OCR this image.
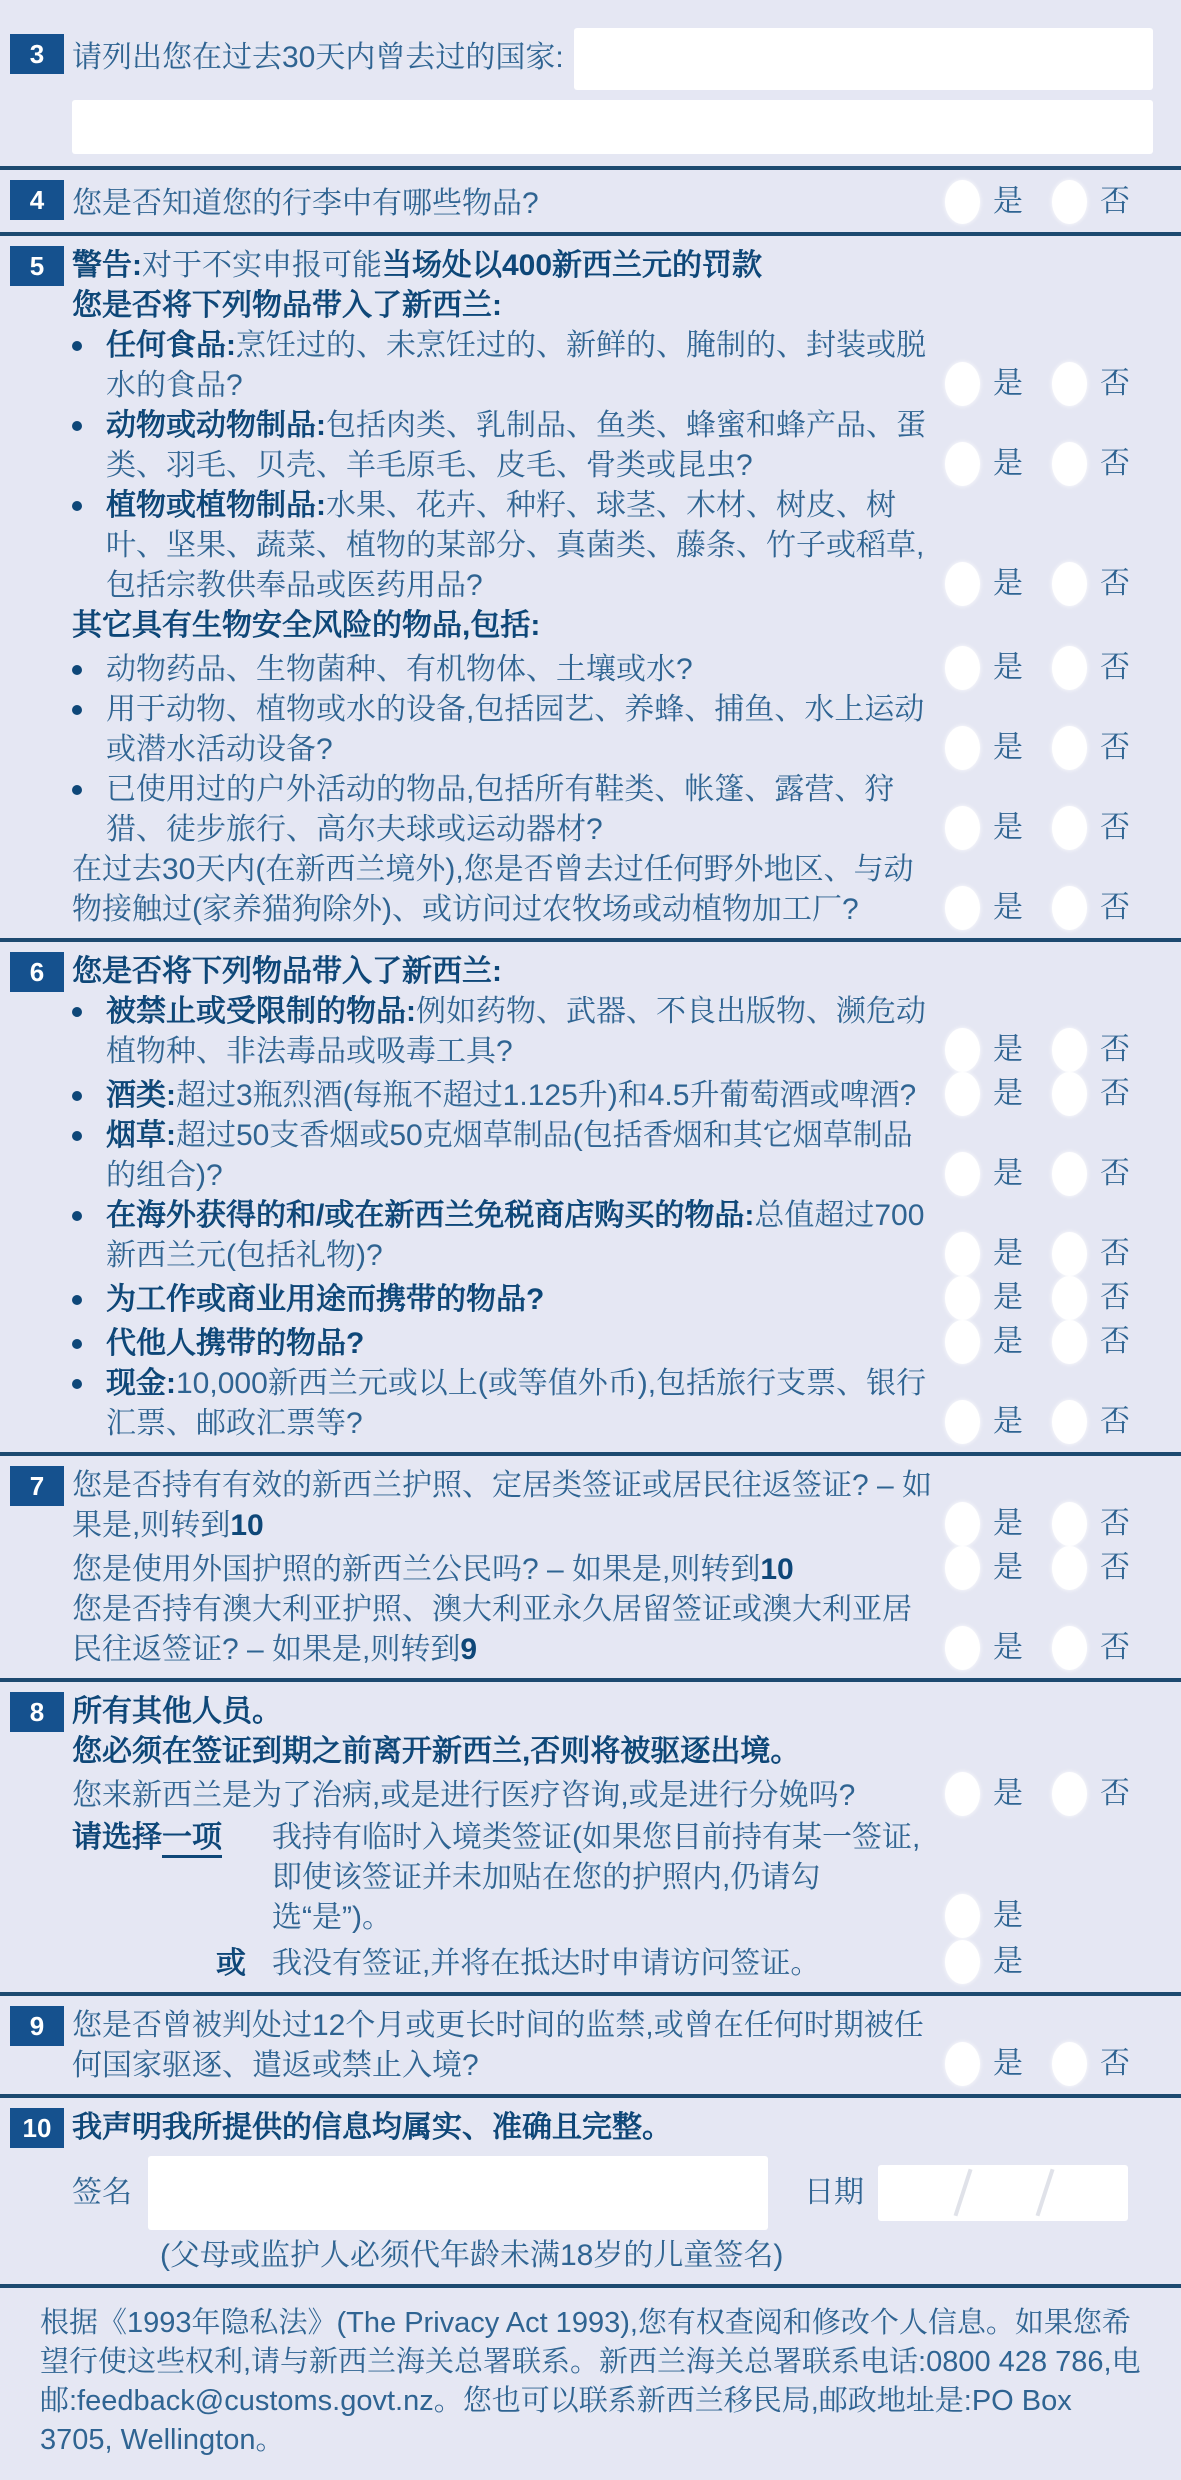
3 请列出您在过去30天内曾去过的国家:
4 您是否知道您的行李中有哪些物品?	是	否
5 警告:对于不实申报可能当场处以400新西兰元的罚款
您是否将下列物品带入了新西兰:
任何食品:烹饪过的、未烹饪过的、新鲜的、腌制的、封装或脱水的食品?	是	否
动物或动物制品:包括肉类、乳制品、鱼类、蜂蜜和蜂产品、蛋类、羽毛、贝壳、羊毛原毛、皮毛、骨类或昆虫?	是	否
植物或植物制品:水果、花卉、种籽、球茎、木材、树皮、树叶、坚果、蔬菜、植物的某部分、真菌类、藤条、竹子或稻草,包括宗教供奉品或医药用品?	是	否
其它具有生物安全风险的物品,包括:
动物药品、生物菌种、有机物体、土壤或水?	是	否
用于动物、植物或水的设备,包括园艺、养蜂、捕鱼、水上运动或潜水活动设备?	是	否
已使用过的户外活动的物品,包括所有鞋类、帐篷、露营、狩猎、徒步旅行、高尔夫球或运动器材?	是	否
在过去30天内(在新西兰境外),您是否曾去过任何野外地区、与动物接触过(家养猫狗除外)、或访问过农牧场或动植物加工厂?	是	否
6 您是否将下列物品带入了新西兰:
被禁止或受限制的物品:例如药物、武器、不良出版物、濒危动植物种、非法毒品或吸毒工具?	是	否
酒类:超过3瓶烈酒(每瓶不超过1.125升)和4.5升葡萄酒或啤酒?	是	否
烟草:超过50支香烟或50克烟草制品(包括香烟和其它烟草制品的组合)?	是	否
在海外获得的和/或在新西兰免税商店购买的物品:总值超过700新西兰元(包括礼物)?	是	否
为工作或商业用途而携带的物品?	是	否
代他人携带的物品?	是	否
现金:10,000新西兰元或以上(或等值外币),包括旅行支票、银行汇票、邮政汇票等?	是	否
7 您是否持有有效的新西兰护照、定居类签证或居民往返签证? – 如果是,则转到10	是	否
您是使用外国护照的新西兰公民吗? – 如果是,则转到10	是	否
您是否持有澳大利亚护照、澳大利亚永久居留签证或澳大利亚居民往返签证? – 如果是,则转到9	是	否
8 所有其他人员。
您必须在签证到期之前离开新西兰,否则将被驱逐出境。
您来新西兰是为了治病,或是进行医疗咨询,或是进行分娩吗?	是	否
请选择一项	我持有临时入境类签证(如果您目前持有某一签证,即使该签证并未加贴在您的护照内,仍请勾选“是”)。	是
或 我没有签证,并将在抵达时申请访问签证。	是
9 您是否曾被判处过12个月或更长时间的监禁,或曾在任何时期被任何国家驱逐、遣返或禁止入境?	是	否
10 我声明我所提供的信息均属实、准确且完整。
签名	日期
(父母或监护人必须代年龄未满18岁的儿童签名)
根据《1993年隐私法》(The Privacy Act 1993),您有权查阅和修改个人信息。如果您希望行使这些权利,请与新西兰海关总署联系。新西兰海关总署联系电话:0800 428 786,电邮:feedback@customs.govt.nz。您也可以联系新西兰移民局,邮政地址是:PO Box 3705, Wellington。
